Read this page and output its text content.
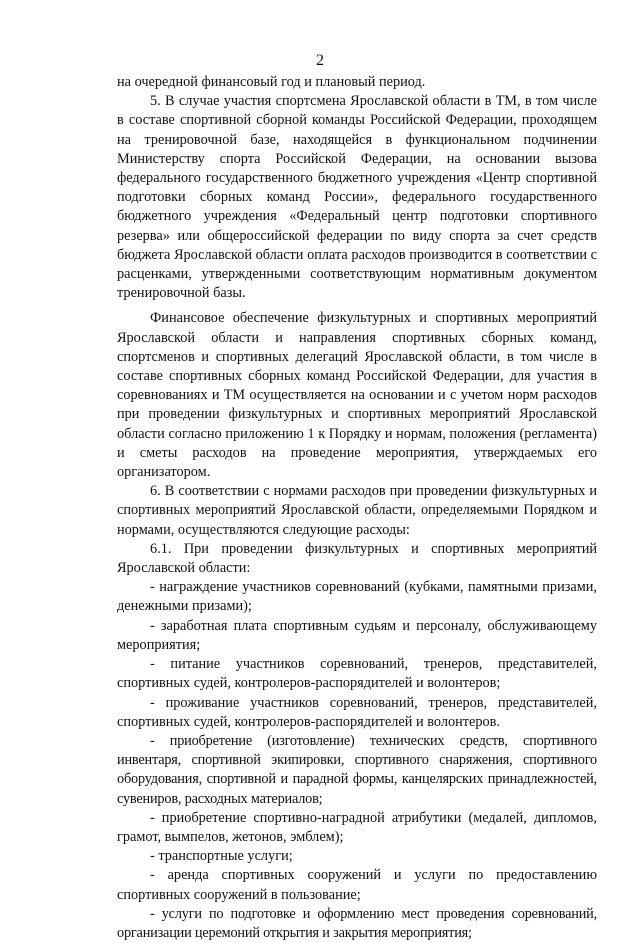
2

на очередной финансовый год и плановый период.

5. В случае участия спортсмена Ярославской области в ТМ, в том числе в составе спортивной сборной команды Российской Федерации, проходящем на тренировочной базе, находящейся в функциональном подчинении Министерству спорта Российской Федерации, на основании вызова федерального государственного бюджетного учреждения «Центр спортивной подготовки сборных команд России», федерального государственного бюджетного учреждения «Федеральный центр подготовки спортивного резерва» или общероссийской федерации по виду спорта за счет средств бюджета Ярославской области оплата расходов производится в соответствии с расценками, утвержденными соответствующим нормативным документом тренировочной базы.

Финансовое обеспечение физкультурных и спортивных мероприятий Ярославской области и направления спортивных сборных команд, спортсменов и спортивных делегаций Ярославской области, в том числе в составе спортивных сборных команд Российской Федерации, для участия в соревнованиях и ТМ осуществляется на основании и с учетом норм расходов при проведении физкультурных и спортивных мероприятий Ярославской области согласно приложению 1 к Порядку и нормам, положения (регламента) и сметы расходов на проведение мероприятия, утверждаемых его организатором.

6. В соответствии с нормами расходов при проведении физкультурных и спортивных мероприятий Ярославской области, определяемыми Порядком и нормами, осуществляются следующие расходы:

6.1. При проведении физкультурных и спортивных мероприятий Ярославской области:

- награждение участников соревнований (кубками, памятными призами, денежными призами);

- заработная плата спортивным судьям и персоналу, обслуживающему мероприятия;

- питание участников соревнований, тренеров, представителей, спортивных судей, контролеров-распорядителей и волонтеров;

- проживание участников соревнований, тренеров, представителей, спортивных судей, контролеров-распорядителей и волонтеров.

- приобретение (изготовление) технических средств, спортивного инвентаря, спортивной экипировки, спортивного снаряжения, спортивного оборудования, спортивной и парадной формы, канцелярских принадлежностей, сувениров, расходных материалов;

- приобретение спортивно-наградной атрибутики (медалей, дипломов, грамот, вымпелов, жетонов, эмблем);

- транспортные услуги;

- аренда спортивных сооружений и услуги по предоставлению спортивных сооружений в пользование;

- услуги по подготовке и оформлению мест проведения соревнований, организации церемоний открытия и закрытия мероприятия;
